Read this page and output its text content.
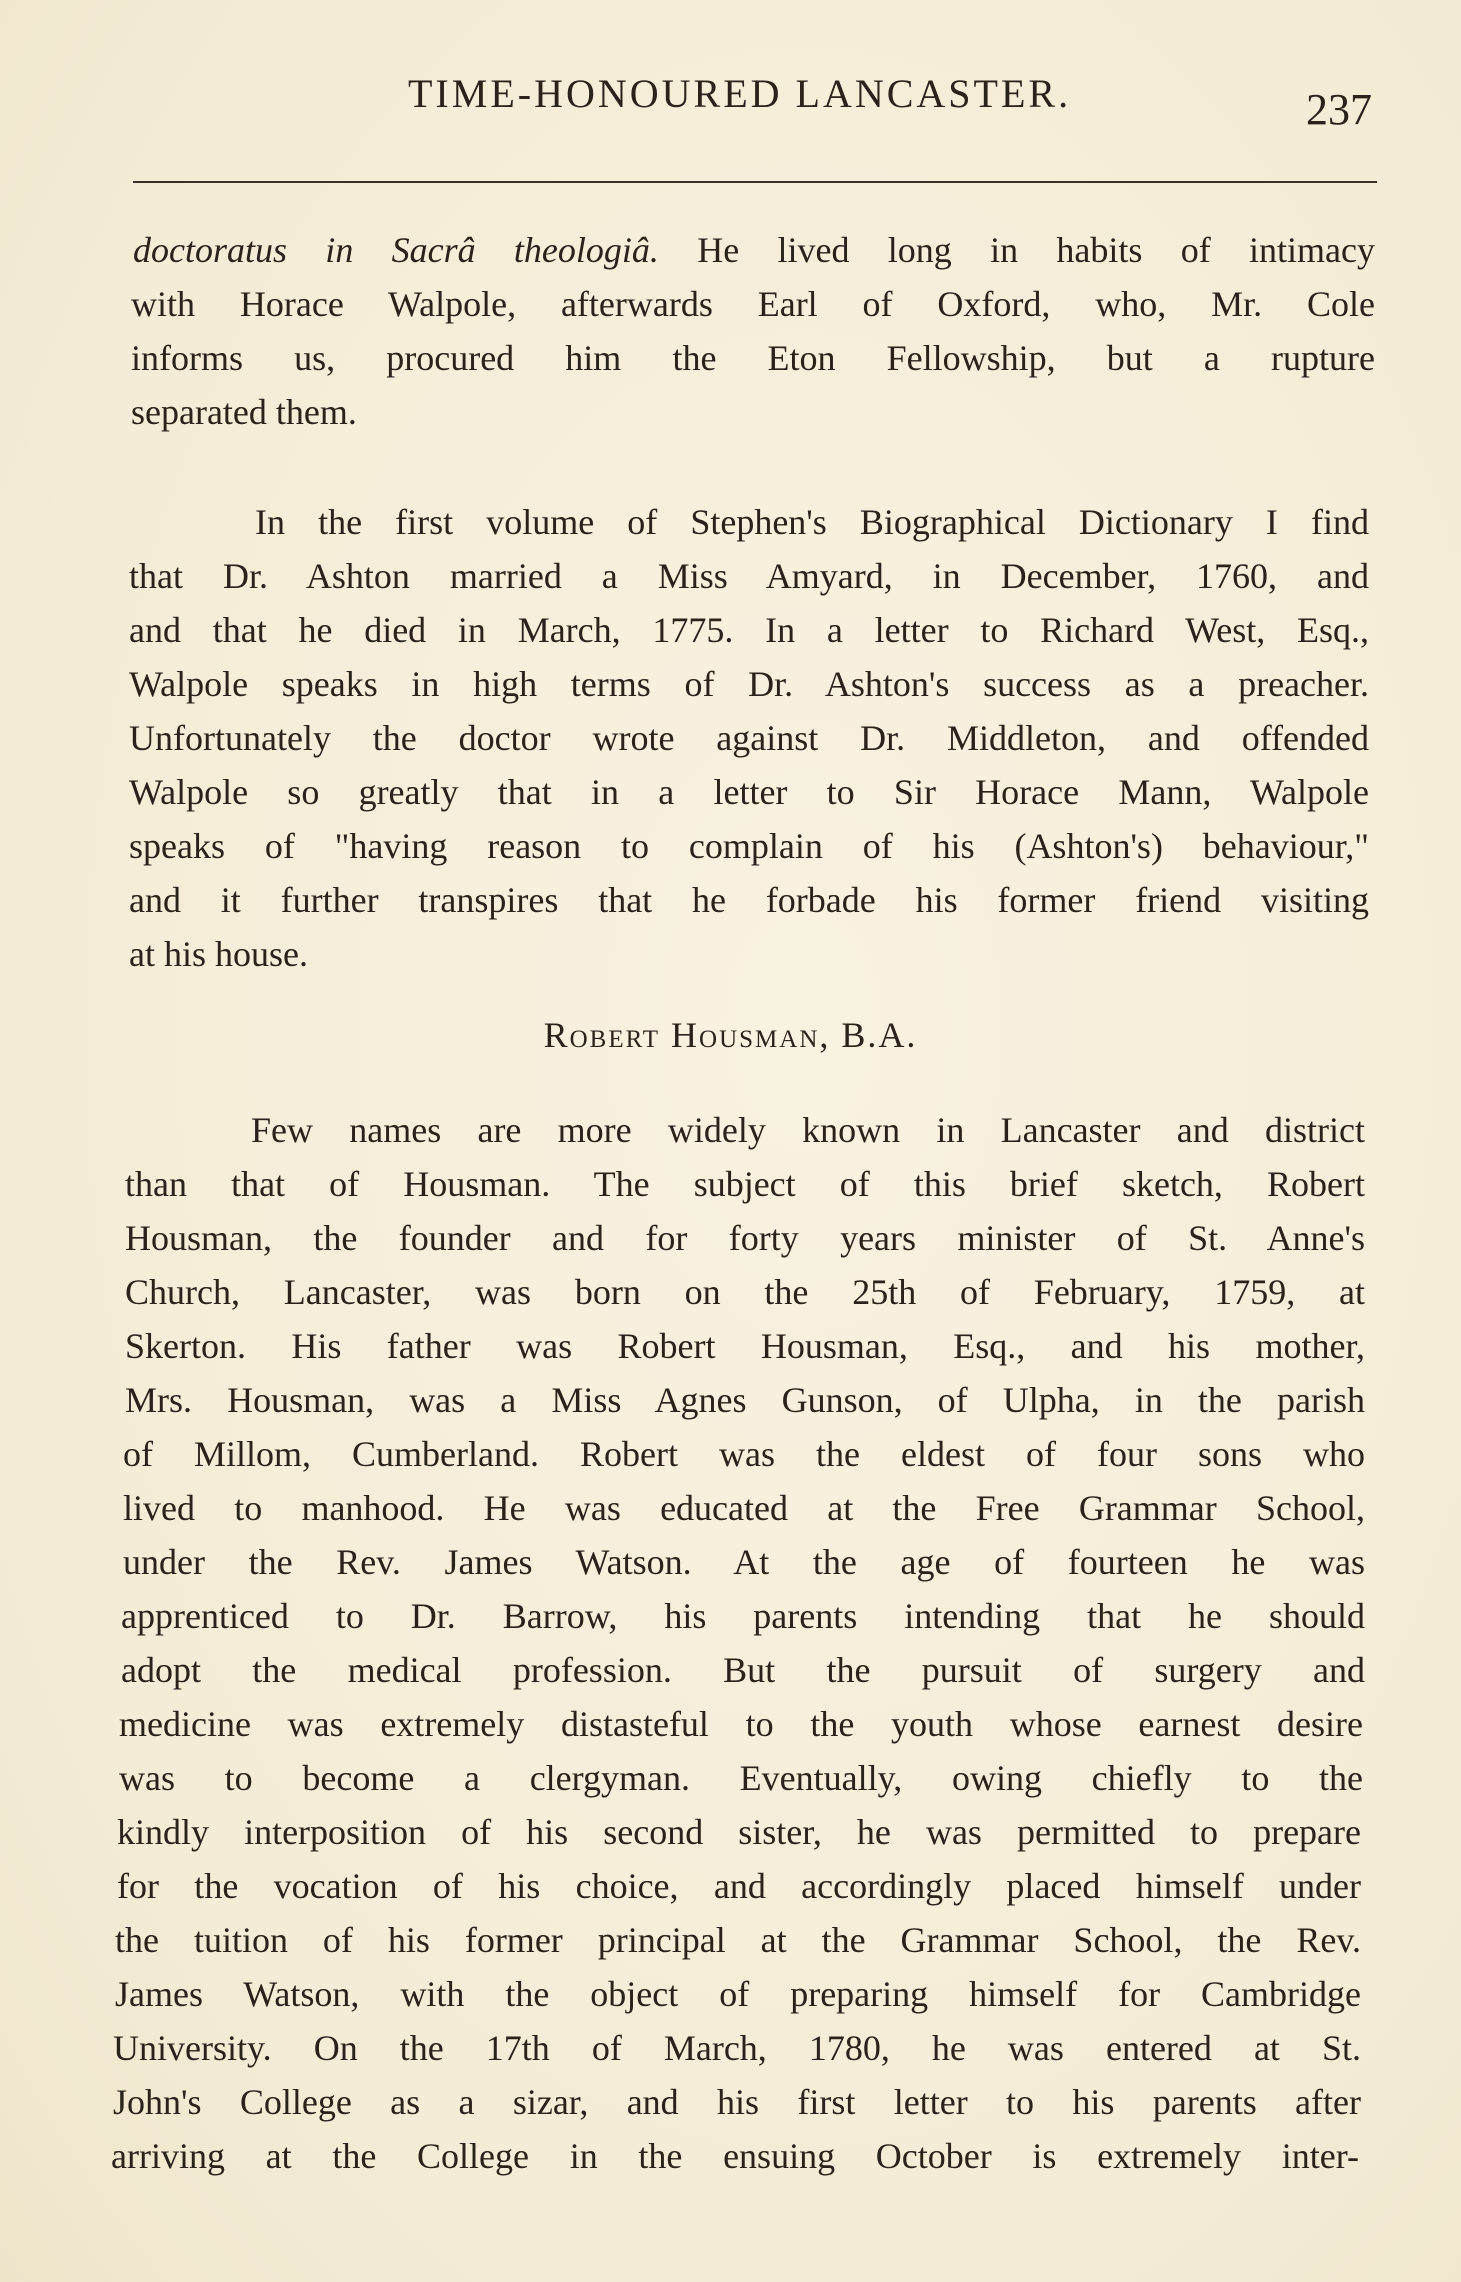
TIME-HONOURED LANCASTER.	237
doctoratus in Sacrâ theologiâ. He lived long in habits of intimacy
with Horace Walpole, afterwards Earl of Oxford, who, Mr. Cole
informs us, procured him the Eton Fellowship, but a rupture
separated them.
In the first volume of Stephen's Biographical Dictionary I find
that Dr. Ashton married a Miss Amyard, in December, 1760, and
and that he died in March, 1775. In a letter to Richard West, Esq.,
Walpole speaks in high terms of Dr. Ashton's success as a preacher.
Unfortunately the doctor wrote against Dr. Middleton, and offended
Walpole so greatly that in a letter to Sir Horace Mann, Walpole
speaks of "having reason to complain of his (Ashton's) behaviour,"
and it further transpires that he forbade his former friend visiting
at his house.
Robert Housman, B.A.
Few names are more widely known in Lancaster and district
than that of Housman. The subject of this brief sketch, Robert
Housman, the founder and for forty years minister of St. Anne's
Church, Lancaster, was born on the 25th of February, 1759, at
Skerton. His father was Robert Housman, Esq., and his mother,
Mrs. Housman, was a Miss Agnes Gunson, of Ulpha, in the parish
of Millom, Cumberland. Robert was the eldest of four sons who
lived to manhood. He was educated at the Free Grammar School,
under the Rev. James Watson. At the age of fourteen he was
apprenticed to Dr. Barrow, his parents intending that he should
adopt the medical profession. But the pursuit of surgery and
medicine was extremely distasteful to the youth whose earnest desire
was to become a clergyman. Eventually, owing chiefly to the
kindly interposition of his second sister, he was permitted to prepare
for the vocation of his choice, and accordingly placed himself under
the tuition of his former principal at the Grammar School, the Rev.
James Watson, with the object of preparing himself for Cambridge
University. On the 17th of March, 1780, he was entered at St.
John's College as a sizar, and his first letter to his parents after
arriving at the College in the ensuing October is extremely inter-
